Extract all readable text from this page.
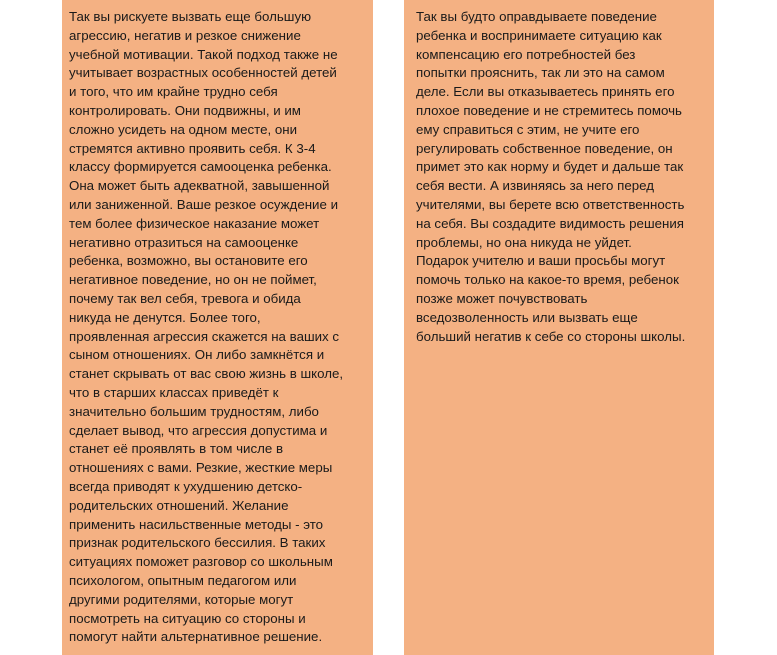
Так вы рискуете вызвать еще большую
агрессию, негатив и резкое снижение
учебной мотивации. Такой подход также не
учитывает возрастных особенностей детей
и того, что им крайне трудно себя
контролировать. Они подвижны, и им
сложно усидеть на одном месте, они
стремятся активно проявить себя. К 3-4
классу формируется самооценка ребенка.
Она может быть адекватной, завышенной
или заниженной. Ваше резкое осуждение и
тем более физическое наказание может
негативно отразиться на самооценке
ребенка, возможно, вы остановите его
негативное поведение, но он не поймет,
почему так вел себя, тревога и обида
никуда не денутся. Более того,
проявленная агрессия скажется на ваших с
сыном отношениях. Он либо замкнётся и
станет скрывать от вас свою жизнь в школе,
что в старших классах приведёт к
значительно большим трудностям, либо
сделает вывод, что агрессия допустима и
станет её проявлять в том числе в
отношениях с вами. Резкие, жесткие меры
всегда приводят к ухудшению детско-
родительских отношений. Желание
применить насильственные методы - это
признак родительского бессилия. В таких
ситуациях поможет разговор со школьным
психологом, опытным педагогом или
другими родителями, которые могут
посмотреть на ситуацию со стороны и
помогут найти альтернативное решение.
Так вы будто оправдываете поведение
ребенка и воспринимаете ситуацию как
компенсацию его потребностей без
попытки прояснить, так ли это на самом
деле. Если вы отказываетесь принять его
плохое поведение и не стремитесь помочь
ему справиться с этим, не учите его
регулировать собственное поведение, он
примет это как норму и будет и дальше так
себя вести. А извиняясь за него перед
учителями, вы берете всю ответственность
на себя. Вы создадите видимость решения
проблемы, но она никуда не уйдет.
Подарок учителю и ваши просьбы могут
помочь только на какое-то время, ребенок
позже может почувствовать
вседозволенность или вызвать еще
больший негатив к себе со стороны школы.
